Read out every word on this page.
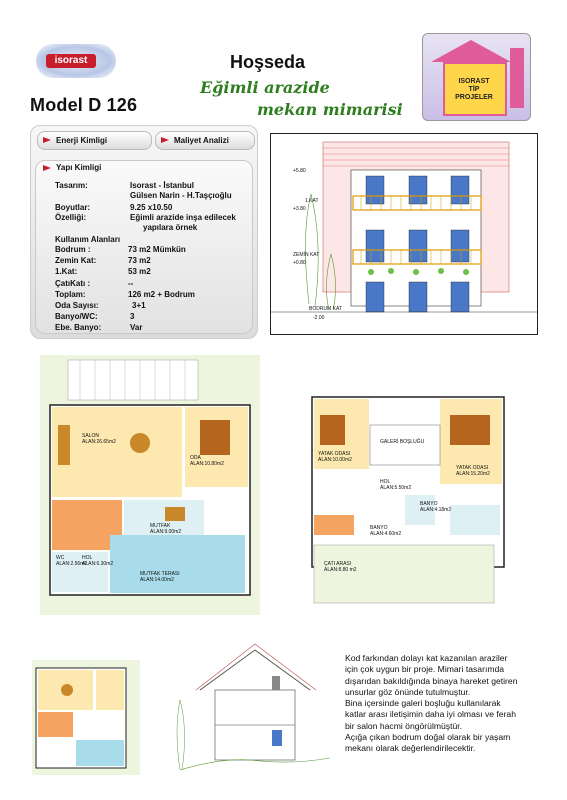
isorast
Model D 126
Hoşseda
Eğimli arazide
mekan mimarisi
ISORAST
TİP
PROJELER
Enerji Kimligi	Maliyet Analizi
Yapı Kimligi
Tasarım:	Isorast - İstanbul
Gülsen Narin - H.Taşçıoğlu
Boyutlar:	9.25 x10.50
Özelliği:	Eğimli arazide inşa edilecek
yapılara örnek
Kullanım Alanları
Bodrum :	73 m2 Mümkün
Zemin Kat:	73 m2
1.Kat:	53 m2
ÇatıKatı :	--
Toplam:	126 m2 + Bodrum
Oda Sayısı:	3+1
Banyo/WC:	3
Ebe. Banyo:	Var
+5.80
1.KAT
+3.80
ZEMİN KAT
+0.80
BODRUM KAT
-2.00
SALON
ALAN:26.65m2
ODA
ALAN:10.80m2
MUTFAK
ALAN:9.00m2
WC
ALAN:2.56m2
HOL
ALAN:6.30m2
MUTFAK TERASI
ALAN:14.00m2
GALERİ BOŞLUĞU
YATAK ODASI
ALAN:10.00m2
YATAK ODASI
ALAN:15.20m2
HOL
ALAN:5.50m2
BANYO
ALAN:4.18m2
BANYO
ALAN:4.60m2
ÇATI ARASI
ALAN:8.80 m2

Kod farkından dolayı kat kazanılan araziler

için çok uygun bir proje. Mimari tasarımda

dışarıdan bakıldığında binaya hareket getiren

unsurlar göz önünde tutulmuştur.

Bina içersinde galeri boşluğu kullanılarak

katlar arası iletişimin daha iyi olması ve ferah

bir salon hacmi öngörülmüştür.

Açığa çıkan bodrum doğal olarak bir yaşam

mekanı olarak değerlendirilecektir.
